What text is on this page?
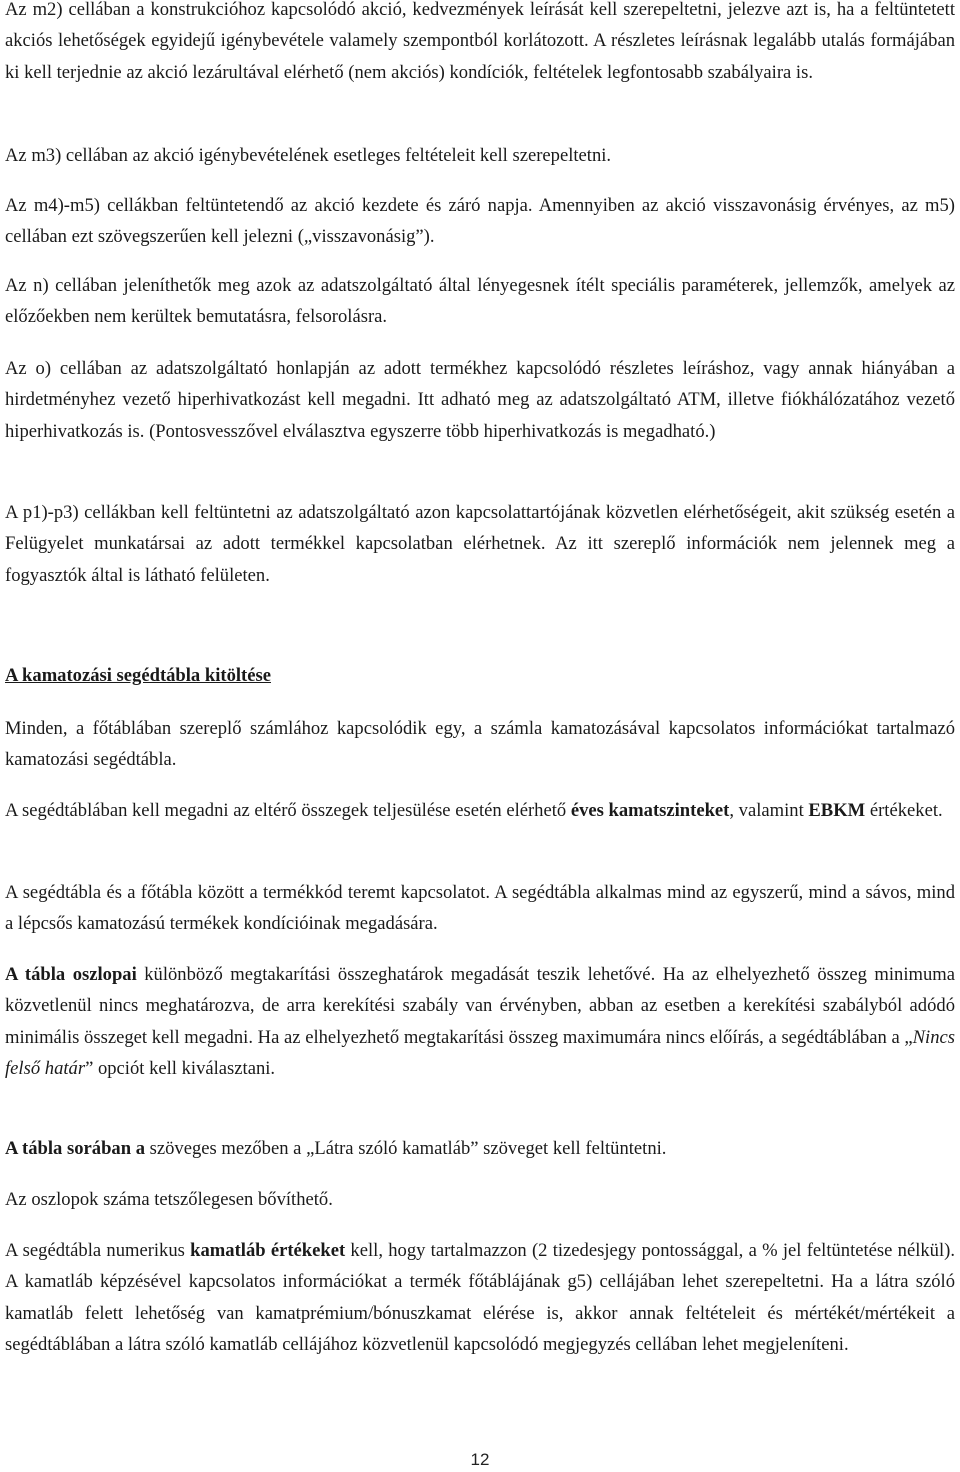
Az m2) cellában a konstrukcióhoz kapcsolódó akció, kedvezmények leírását kell szerepeltetni, jelezve azt is, ha a feltüntetett akciós lehetőségek egyidejű igénybevétele valamely szempontból korlátozott. A részletes leírásnak legalább utalás formájában ki kell terjednie az akció lezárultával elérhető (nem akciós) kondíciók, feltételek legfontosabb szabályaira is.

Az m3) cellában az akció igénybevételének esetleges feltételeit kell szerepeltetni.

Az m4)-m5) cellákban feltüntetendő az akció kezdete és záró napja. Amennyiben az akció visszavonásig érvényes, az m5) cellában ezt szövegszerűen kell jelezni („visszavonásig”).

Az n) cellában jeleníthetők meg azok az adatszolgáltató által lényegesnek ítélt speciális paraméterek, jellemzők, amelyek az előzőekben nem kerültek bemutatásra, felsorolásra.

Az o) cellában az adatszolgáltató honlapján az adott termékhez kapcsolódó részletes leíráshoz, vagy annak hiányában a hirdetményhez vezető hiperhivatkozást kell megadni. Itt adható meg az adatszolgáltató ATM, illetve fiókhálózatához vezető hiperhivatkozás is. (Pontosvesszővel elválasztva egyszerre több hiperhivatkozás is megadható.)

A p1)-p3) cellákban kell feltüntetni az adatszolgáltató azon kapcsolattartójának közvetlen elérhetőségeit, akit szükség esetén a Felügyelet munkatársai az adott termékkel kapcsolatban elérhetnek. Az itt szereplő információk nem jelennek meg a fogyasztók által is látható felületen.

A kamatozási segédtábla kitöltése

Minden, a főtáblában szereplő számlához kapcsolódik egy, a számla kamatozásával kapcsolatos információkat tartalmazó kamatozási segédtábla.

A segédtáblában kell megadni az eltérő összegek teljesülése esetén elérhető éves kamatszinteket, valamint EBKM értékeket.

A segédtábla és a főtábla között a termékkód teremt kapcsolatot. A segédtábla alkalmas mind az egyszerű, mind a sávos, mind a lépcsős kamatozású termékek kondícióinak megadására.

A tábla oszlopai különböző megtakarítási összeghatárok megadását teszik lehetővé. Ha az elhelyezhető összeg minimuma közvetlenül nincs meghatározva, de arra kerekítési szabály van érvényben, abban az esetben a kerekítési szabályból adódó minimális összeget kell megadni. Ha az elhelyezhető megtakarítási összeg maximumára nincs előírás, a segédtáblában a „Nincs felső határ” opciót kell kiválasztani.

A tábla sorában a szöveges mezőben a „Látra szóló kamatláb” szöveget kell feltüntetni.

Az oszlopok száma tetszőlegesen bővíthető.

A segédtábla numerikus kamatláb értékeket kell, hogy tartalmazzon (2 tizedesjegy pontossággal, a % jel feltüntetése nélkül). A kamatláb képzésével kapcsolatos információkat a termék főtáblájának g5) cellájában lehet szerepeltetni. Ha a látra szóló kamatláb felett lehetőség van kamatprémium/bónuszkamat elérése is, akkor annak feltételeit és mértékét/mértékeit a segédtáblában a látra szóló kamatláb cellájához közvetlenül kapcsolódó megjegyzés cellában lehet megjeleníteni.

12
